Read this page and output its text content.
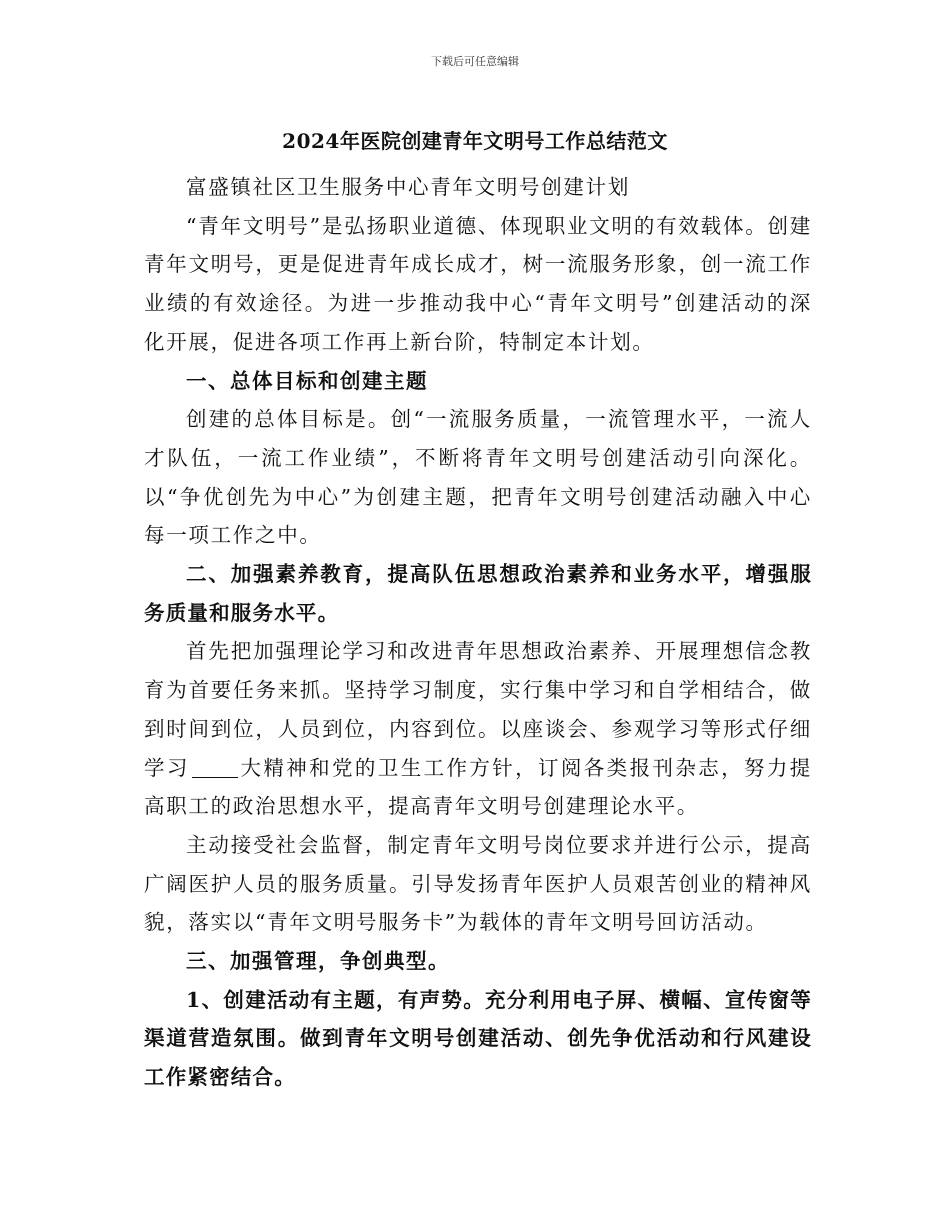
下载后可任意编辑
2024年医院创建青年文明号工作总结范文

富盛镇社区卫生服务中心青年文明号创建计划

“青年文明号”是弘扬职业道德、体现职业文明的有效载体。创建青年文明号，更是促进青年成长成才，树一流服务形象，创一流工作业绩的有效途径。为进一步推动我中心“青年文明号”创建活动的深化开展，促进各项工作再上新台阶，特制定本计划。

一、总体目标和创建主题

创建的总体目标是。创“一流服务质量，一流管理水平，一流人才队伍，一流工作业绩”，不断将青年文明号创建活动引向深化。以“争优创先为中心”为创建主题，把青年文明号创建活动融入中心每一项工作之中。

二、加强素养教育，提高队伍思想政治素养和业务水平，增强服务质量和服务水平。

首先把加强理论学习和改进青年思想政治素养、开展理想信念教育为首要任务来抓。坚持学习制度，实行集中学习和自学相结合，做到时间到位，人员到位，内容到位。以座谈会、参观学习等形式仔细学习 大精神和党的卫生工作方针，订阅各类报刊杂志，努力提高职工的政治思想水平，提高青年文明号创建理论水平。

主动接受社会监督，制定青年文明号岗位要求并进行公示，提高广阔医护人员的服务质量。引导发扬青年医护人员艰苦创业的精神风貌，落实以“青年文明号服务卡”为载体的青年文明号回访活动。

三、加强管理，争创典型。

1、创建活动有主题，有声势。充分利用电子屏、横幅、宣传窗等渠道营造氛围。做到青年文明号创建活动、创先争优活动和行风建设工作紧密结合。
